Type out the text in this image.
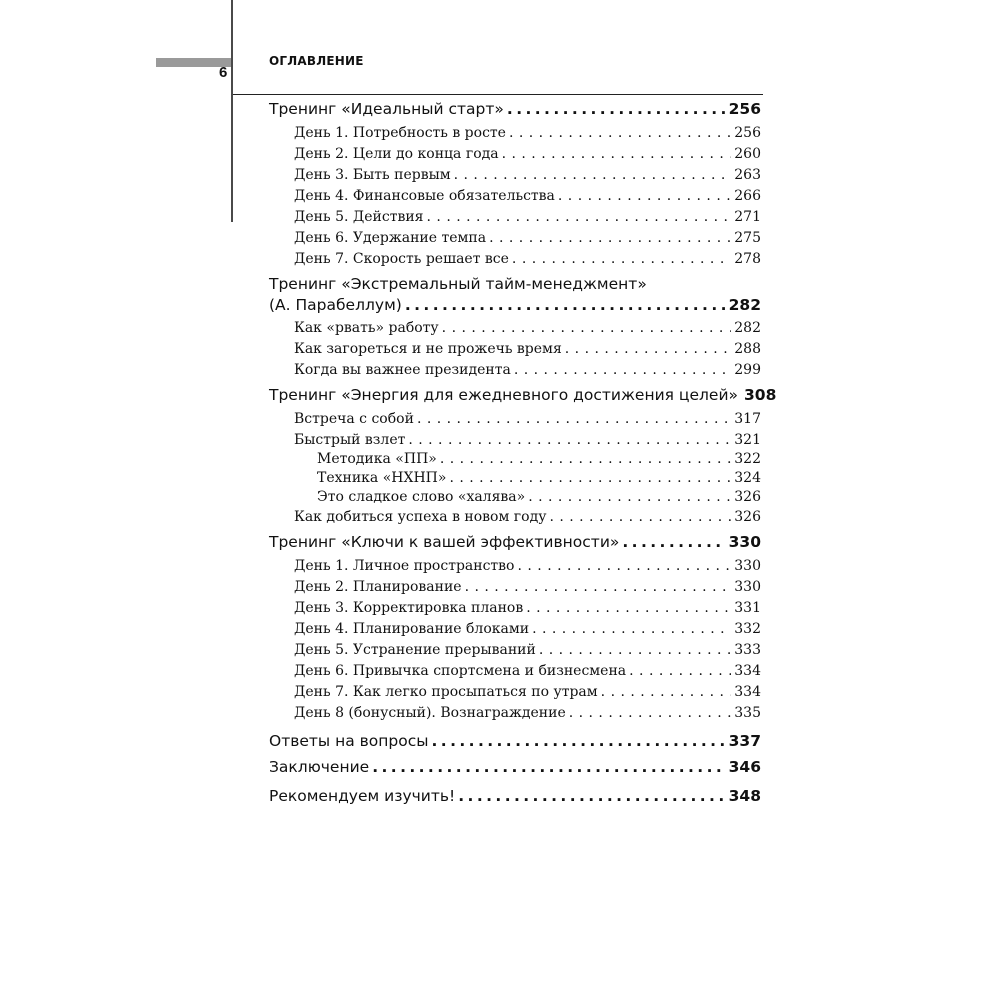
6
ОГЛАВЛЕНИЕ
Тренинг «Идеальный старт» .....	256
День 1. Потребность в росте . . .	256
День 2. Цели до конца года . . .	260
День 3. Быть первым . . .	263
День 4. Финансовые обязательства . . .	266
День 5. Действия . . .	271
День 6. Удержание темпа . . .	275
День 7. Скорость решает все . . .	278
Тренинг «Экстремальный тайм-менеджмент»
(А. Парабеллум) .....	282
Как «рвать» работу . . .	282
Как загореться и не прожечь время . . .	288
Когда вы важнее президента . . .	299
Тренинг «Энергия для ежедневного достижения целей» 308
Встреча с собой . . .	317
Быстрый взлет . . .	321
Методика «ПП» . . .	322
Техника «НХНП» . . .	324
Это сладкое слово «халява» . . .	326
Как добиться успеха в новом году . . .	326
Тренинг «Ключи к вашей эффективности» .....	330
День 1. Личное пространство . . .	330
День 2. Планирование . . .	330
День 3. Корректировка планов . . .	331
День 4. Планирование блоками . . .	332
День 5. Устранение прерываний . . .	333
День 6. Привычка спортсмена и бизнесмена . . .	334
День 7. Как легко просыпаться по утрам . . .	334
День 8 (бонусный). Вознаграждение . . .	335
Ответы на вопросы .....	337
Заключение .....	346
Рекомендуем изучить! .....	348
